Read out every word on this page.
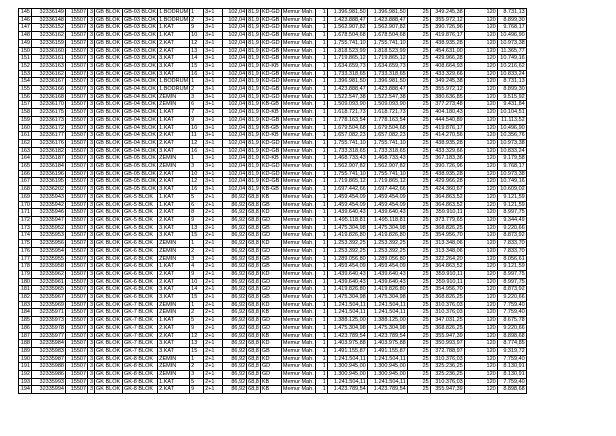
145	32336149	15507	3	GB BLOK	GB-03 BLOK	1.BODRUM	1	3+1	102,04	81,9	KD-GD	Memur Mah.	1	1.396.981,50	1.396.981,50	25	349.245,38	120	8.731,13
146	32336148	15507	3	GB BLOK	GB-03 BLOK	1.BODRUM	2	3+1	102,04	81,9	KD-GB	Memur Mah.	1	1.423.888,47	1.423.888,47	25	355.972,12	120	8.899,30
147	32336152	15507	3	GB BLOK	GB-03 BLOK	1.KAT	9	3+1	102,04	81,9	KD-GD	Memur Mah.	1	1.562.907,82	1.562.907,82	25	390.726,96	120	9.768,17
148	32336162	15507	3	GB BLOK	GB-03 BLOK	1.KAT	10	3+1	102,04	81,9	KD-GB	Memur Mah.	1	1.678.504,68	1.678.504,68	25	419.876,17	120	10.496,90
149	32336159	15507	3	GB BLOK	GB-03 BLOK	2.KAT	12	3+1	102,04	81,9	KD-GD	Memur Mah.	1	1.755.741,10	1.755.741,10	25	438.935,28	120	10.973,38
150	32336160	15507	3	GB BLOK	GB-03 BLOK	2.KAT	13	3+1	102,04	81,9	KD-GB	Memur Mah.	1	1.818.523,99	1.818.523,99	25	454.631,00	120	11.365,77
151	32336161	15507	3	GB BLOK	GB-03 BLOK	3.KAT	14	3+1	102,04	81,9	KD-GB	Memur Mah.	1	1.719.865,12	1.719.865,12	25	429.966,28	120	10.749,16
152	32336163	15507	3	GB BLOK	GB-03 BLOK	3.KAT	15	3+1	102,04	81,9	KD-KB	Memur Mah.	1	1.634.659,73	1.634.659,73	25	408.664,93	120	10.216,62
153	32336162	15507	3	GB BLOK	GB-03 BLOK	3.KAT	16	3+1	102,04	81,9	KD-GB	Memur Mah.	1	1.733.318,65	1.733.318,65	25	433.329,66	120	10.833,24
154	32336167	15507	3	GB BLOK	GB-04 BLOK	1.BODRUM	1	3+1	102,04	81,9	KD-GD	Memur Mah.	1	1.396.981,50	1.396.981,50	25	349.245,38	120	8.731,13
155	32336166	15507	3	GB BLOK	GB-04 BLOK	1.BODRUM	2	3+1	102,04	81,9	KD-GB	Memur Mah.	1	1.423.888,47	1.423.888,47	25	355.972,12	120	8.899,30
156	32336168	15507	3	GB BLOK	GB-04 BLOK	ZEMIN	3	3+1	102,04	81,9	KD-GD	Memur Mah.	1	1.522.547,38	1.522.547,38	25	380.636,85	120	9.515,92
157	32336170	15507	3	GB BLOK	GB-04 BLOK	ZEMIN	6	3+1	102,04	81,9	KB-GB	Memur Mah.	1	1.509.093,90	1.509.093,90	25	377.273,48	120	9.431,84
158	32336175	15507	3	GB BLOK	GB-04 BLOK	1.KAT	7	3+1	102,04	81,9	KD-KB	Memur Mah.	1	1.618.721,73	1.618.721,73	25	404.180,43	120	10.104,51
159	32336173	15507	3	GB BLOK	GB-04 BLOK	1.KAT	9	3+1	102,04	81,9	KD-GB	Memur Mah.	1	1.778.163,54	1.778.163,54	25	444.540,89	120	11.113,52
160	32336172	15507	3	GB BLOK	GB-04 BLOK	1.KAT	10	3+1	102,04	81,9	KB-GB	Memur Mah.	1	1.679.504,68	1.679.504,68	25	419.876,17	120	10.496,90
161	32336177	15507	3	GB BLOK	GB-04 BLOK	2.KAT	11	3+1	102,04	81,9	KD-KB	Memur Mah.	1	1.657.082,23	1.657.082,23	25	414.270,56	120	10.356,76
162	32336176	15507	3	GB BLOK	GB-04 BLOK	2.KAT	12	3+1	102,04	81,9	KD-GD	Memur Mah.	1	1.755.741,10	1.755.741,10	25	438.935,28	120	10.973,38
163	32336182	15507	3	GB BLOK	GB-04 BLOK	3.KAT	16	3+1	102,04	81,9	KD-GB	Memur Mah.	1	1.733.318,65	1.733.318,65	25	433.329,66	120	10.833,24
164	32336187	15507	3	GB BLOK	GB-05 BLOK	ZEMIN	1	3+1	102,04	81,9	KD-KB	Memur Mah.	1	1.468.733,43	1.468.733,43	25	367.183,36	120	9.179,58
165	32336184	15507	3	GB BLOK	GB-05 BLOK	ZEMIN	3	3+1	102,04	81,9	KD-GD	Memur Mah.	1	1.562.907,82	1.562.907,82	25	390.726,96	120	9.768,17
166	32336196	15507	3	GB BLOK	GB-05 BLOK	2.KAT	10	3+1	102,04	81,9	KD-GD	Memur Mah.	1	1.755.741,10	1.755.741,10	25	438.935,28	120	10.973,38
167	32336195	15507	3	GB BLOK	GB-05 BLOK	2.KAT	12	3+1	102,04	81,9	KD-GB	Memur Mah.	1	1.719.865,12	1.719.865,12	25	429.966,28	120	10.749,16
168	32336202	15507	3	GB BLOK	GB-05 BLOK	3.KAT	16	3+1	102,04	81,9	KB-GB	Memur Mah.	1	1.697.442,66	1.697.442,66	25	424.360,67	120	10.609,02
169	32335943	15507	3	GK BLOK	GK-5 BLOK	1.KAT	5	2+1	86,92	68,8	KB	Memur Mah.	1	1.459.454,09	1.459.454,09	25	364.863,52	120	9.121,59
170	32335942	15507	3	GK BLOK	GK-5 BLOK	1.KAT	6	2+1	86,92	68,8	GB	Memur Mah.	1	1.459.454,09	1.459.454,09	25	364.863,52	120	9.121,59
171	32335946	15507	3	GK BLOK	GK-5 BLOK	2.KAT	8	2+1	86,92	68,8	KD	Memur Mah.	1	1.439.640,43	1.439.640,43	25	359.910,11	120	8.997,75
172	32335947	15507	3	GK BLOK	GK-5 BLOK	2.KAT	9	2+1	86,92	68,8	GD	Memur Mah.	1	1.495.118,81	1.495.118,81	25	373.779,65	120	9.344,49
173	32335952	15507	3	GK BLOK	GK-5 BLOK	3.KAT	13	2+1	86,92	68,8	GB	Memur Mah.	1	1.475.304,98	1.475.304,98	25	368.826,25	120	9.220,66
174	32335953	15507	3	GK BLOK	GK-5 BLOK	3.KAT	15	2+1	86,92	68,8	GD	Memur Mah.	1	1.419.826,80	1.419.826,80	25	354.956,70	120	8.873,92
175	32335956	15507	3	GK BLOK	GK-6 BLOK	ZEMIN	1	2+1	86,92	68,8	KD	Memur Mah.	1	1.253.392,25	1.253.392,25	25	313.348,06	120	7.833,70
176	32335954	15507	3	GK BLOK	GK-6 BLOK	ZEMIN	2	2+1	86,92	68,8	GD	Memur Mah.	1	1.253.392,25	1.253.392,25	25	313.348,06	120	7.833,70
177	32335955	15507	3	GK BLOK	GK-6 BLOK	ZEMIN	3	2+1	86,92	68,8	GB	Memur Mah.	1	1.289.056,80	1.289.056,80	25	322.264,20	120	8.056,61
178	32335958	15507	3	GK BLOK	GK-6 BLOK	1.KAT	4	2+1	86,92	68,8	GB	Memur Mah.	1	1.459.454,09	1.459.454,09	25	364.863,52	120	9.121,59
179	32335962	15507	3	GK BLOK	GK-6 BLOK	2.KAT	9	2+1	86,92	68,8	KD	Memur Mah.	1	1.439.640,43	1.439.640,43	25	359.910,11	120	8.997,75
180	32335961	15507	3	GK BLOK	GK-6 BLOK	2.KAT	10	2+1	86,92	68,8	GD	Memur Mah.	1	1.439.640,43	1.439.640,43	25	359.910,11	120	8.997,75
181	32335965	15507	3	GK BLOK	GK-6 BLOK	3.KAT	14	2+1	86,92	68,8	GD	Memur Mah.	1	1.419.826,80	1.419.826,80	25	354.956,70	120	8.873,92
182	32335967	15507	3	GK BLOK	GK-6 BLOK	3.KAT	15	2+1	86,92	68,8	GB	Memur Mah.	1	1.475.304,98	1.475.304,98	25	368.826,25	120	9.220,66
183	32335969	15507	3	GK BLOK	GK-7 BLOK	ZEMIN	1	2+1	86,92	68,8	KD	Memur Mah.	1	1.241.504,11	1.241.504,11	25	310.376,03	120	7.759,40
184	32335971	15507	3	GK BLOK	GK-7 BLOK	ZEMIN	2	2+1	86,92	68,8	KB	Memur Mah.	1	1.241.504,11	1.241.504,11	25	310.376,03	120	7.759,40
185	32335973	15507	3	GK BLOK	GK-7 BLOK	1.KAT	5	2+1	86,92	68,8	GD	Memur Mah.	1	1.388.125,00	1.388.125,00	25	347.031,25	120	8.675,78
186	32335978	15507	3	GK BLOK	GK-7 BLOK	2.KAT	9	2+1	86,92	68,8	GD	Memur Mah.	1	1.475.304,98	1.475.304,98	25	368.826,25	120	9.220,66
187	32335977	15507	3	GK BLOK	GK-7 BLOK	2.KAT	12	2+1	86,92	68,8	KB	Memur Mah.	1	1.423.789,54	1.423.789,54	25	355.947,39	120	8.898,68
188	32335984	15507	3	GK BLOK	GK-7 BLOK	3.KAT	13	2+1	86,92	68,8	KD	Memur Mah.	1	1.403.975,88	1.403.975,88	25	350.993,97	120	8.774,85
189	32335983	15507	3	GK BLOK	GK-7 BLOK	3.KAT	15	2+1	86,92	68,8	GB	Memur Mah.	1	1.491.155,87	1.491.155,87	25	372.788,97	120	9.319,72
190	32335987	15507	3	GK BLOK	GK-8 BLOK	ZEMIN	1	2+1	86,92	68,8	KD	Memur Mah.	1	1.241.504,11	1.241.504,11	25	310.376,03	120	7.759,40
191	32335988	15507	3	GK BLOK	GK-8 BLOK	ZEMIN	2	2+1	86,92	68,8	GD	Memur Mah.	1	1.300.945,00	1.300.945,00	25	325.236,25	120	8.130,91
192	32335986	15507	3	GK BLOK	GK-8 BLOK	ZEMIN	3	2+1	86,92	68,8	GD	Memur Mah.	1	1.300.945,00	1.300.945,00	25	325.236,25	120	8.130,91
193	32335993	15507	3	GK BLOK	GK-8 BLOK	1.KAT	5	2+1	86,92	68,8	KB	Memur Mah.	1	1.241.504,11	1.241.504,11	25	310.376,03	120	7.759,40
194	32335994	15507	3	GK BLOK	GK-8 BLOK	2.KAT	9	2+1	86,92	68,8	KB	Memur Mah.	1	1.423.789,54	1.423.789,54	25	355.947,39	120	8.898,68
